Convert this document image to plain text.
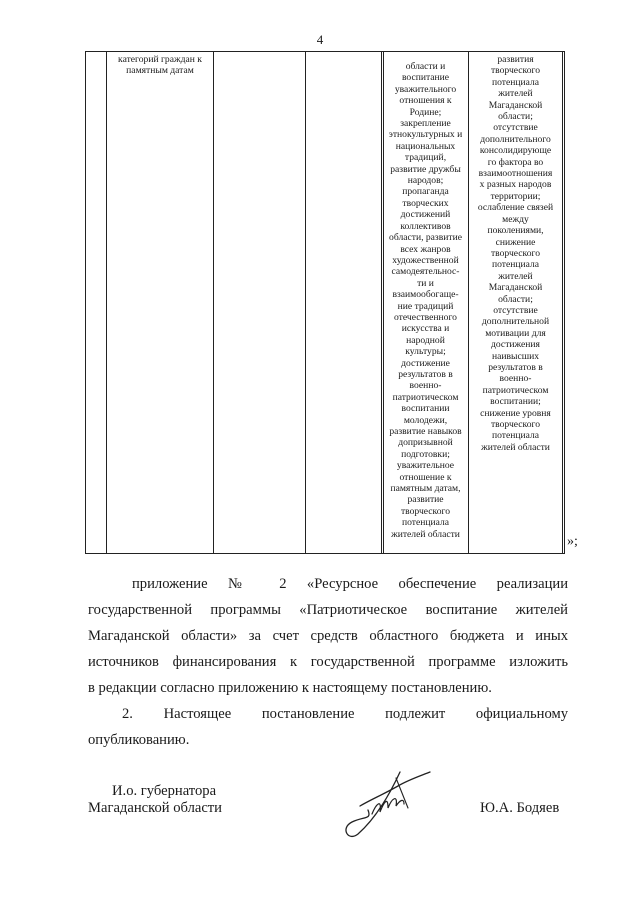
4
категорий граждан к
памятным датам	области и
воспитание
уважительного
отношения к
Родине;
закрепление
этнокультурных и
национальных
традиций,
развитие дружбы
народов;
пропаганда
творческих
достижений
коллективов
области, развитие
всех жанров
художественной
самодеятельнос-
ти и
взаимообогаще-
ние традиций
отечественного
искусства и
народной
культуры;
достижение
результатов в
военно-
патриотическом
воспитании
молодежи,
развитие навыков
допризывной
подготовки;
уважительное
отношение к
памятным датам,
развитие
творческого
потенциала
жителей области
развития
творческого
потенциала
жителей
Магаданской
области;
отсутствие
дополнительного
консолидирующе
го фактора во
взаимоотношения
х разных народов
территории;
ослабление связей
между
поколениями,
снижение
творческого
потенциала
жителей
Магаданской
области;
отсутствие
дополнительной
мотивации для
достижения
наивысших
результатов в
военно-
патриотическом
воспитании;
снижение уровня
творческого
потенциала
жителей области
»;
приложение № 2 «Ресурсное обеспечение реализации
государственной программы «Патриотическое воспитание жителей
Магаданской области» за счет средств областного бюджета и иных
источников финансирования к государственной программе изложить
в редакции согласно приложению к настоящему постановлению.
2. Настоящее постановление подлежит официальному
опубликованию.
И.о. губернатора
Магаданской области	Ю.А. Бодяев
